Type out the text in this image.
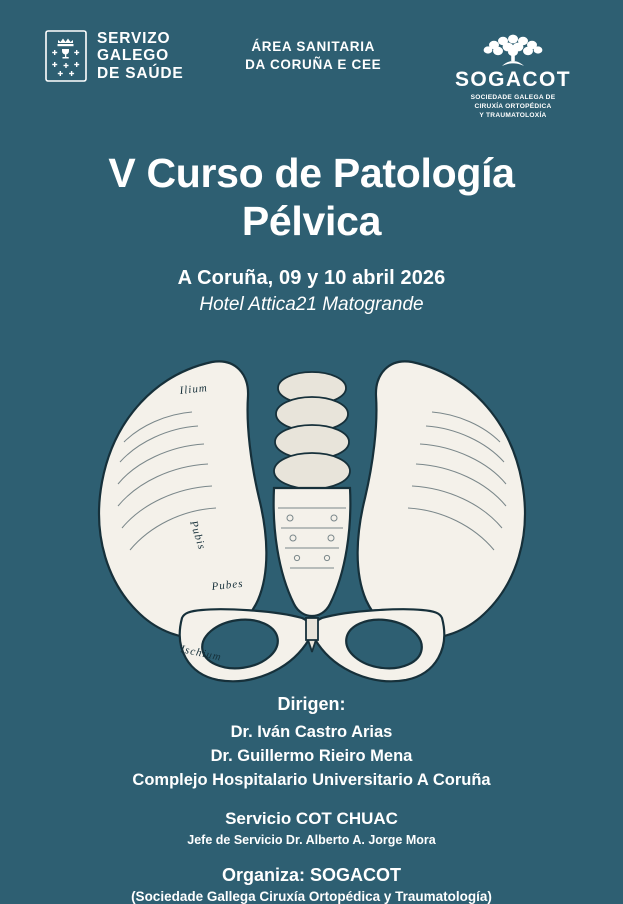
SERVIZO
GALEGO
DE SAÚDE
ÁREA SANITARIA
DA CORUÑA E CEE
SOGACOT
SOCIEDADE GALEGA DE
CIRUXÍA ORTOPÉDICA
Y TRAUMATOLOXÍA
V Curso de Patología
Pélvica
A Coruña, 09 y 10 abril 2026
Hotel Attica21 Matogrande
Ilium
Pubis
Pubes
Ischium
Dirigen:
Dr. Iván Castro Arias
Dr. Guillermo Rieiro Mena
Complejo Hospitalario Universitario A Coruña
Servicio COT CHUAC
Jefe de Servicio Dr. Alberto A. Jorge Mora
Organiza: SOGACOT
(Sociedade Gallega Ciruxía Ortopédica y Traumatología)
